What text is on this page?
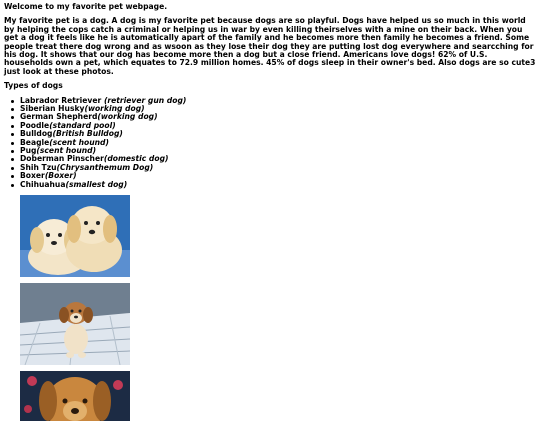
Welcome to my favorite pet webpage.

My favorite pet is a dog. A dog is my favorite pet because dogs are so playful. Dogs have helped us so much in this world by helping the cops catch a criminal or helping us in war by even killing theirselves with a mine on their back. When you get a dog it feels like he is automatically apart of the family and he becomes more then family he becomes a friend. Some people treat there dog wrong and as wsoon as they lose their dog they are putting lost dog everywhere and searcching for his dog. It shows that our dog has become more then a dog but a close friend. Americans love dogs! 62% of U.S. households own a pet, which equates to 72.9 million homes. 45% of dogs sleep in their owner's bed. Also dogs are so cute3 just look at these photos.

Types of dogs

Labrador Retriever (retriever gun dog)
Siberian Husky(working dog)
German Shepherd(working dog)
Poodle(standard pool)
Bulldog(British Bulldog)
Beagle(scent hound)
Pug(scent hound)
Doberman Pinscher(domestic dog)
Shih Tzu(Chrysanthemum Dog)
Boxer(Boxer)
Chihuahua(smallest dog)
